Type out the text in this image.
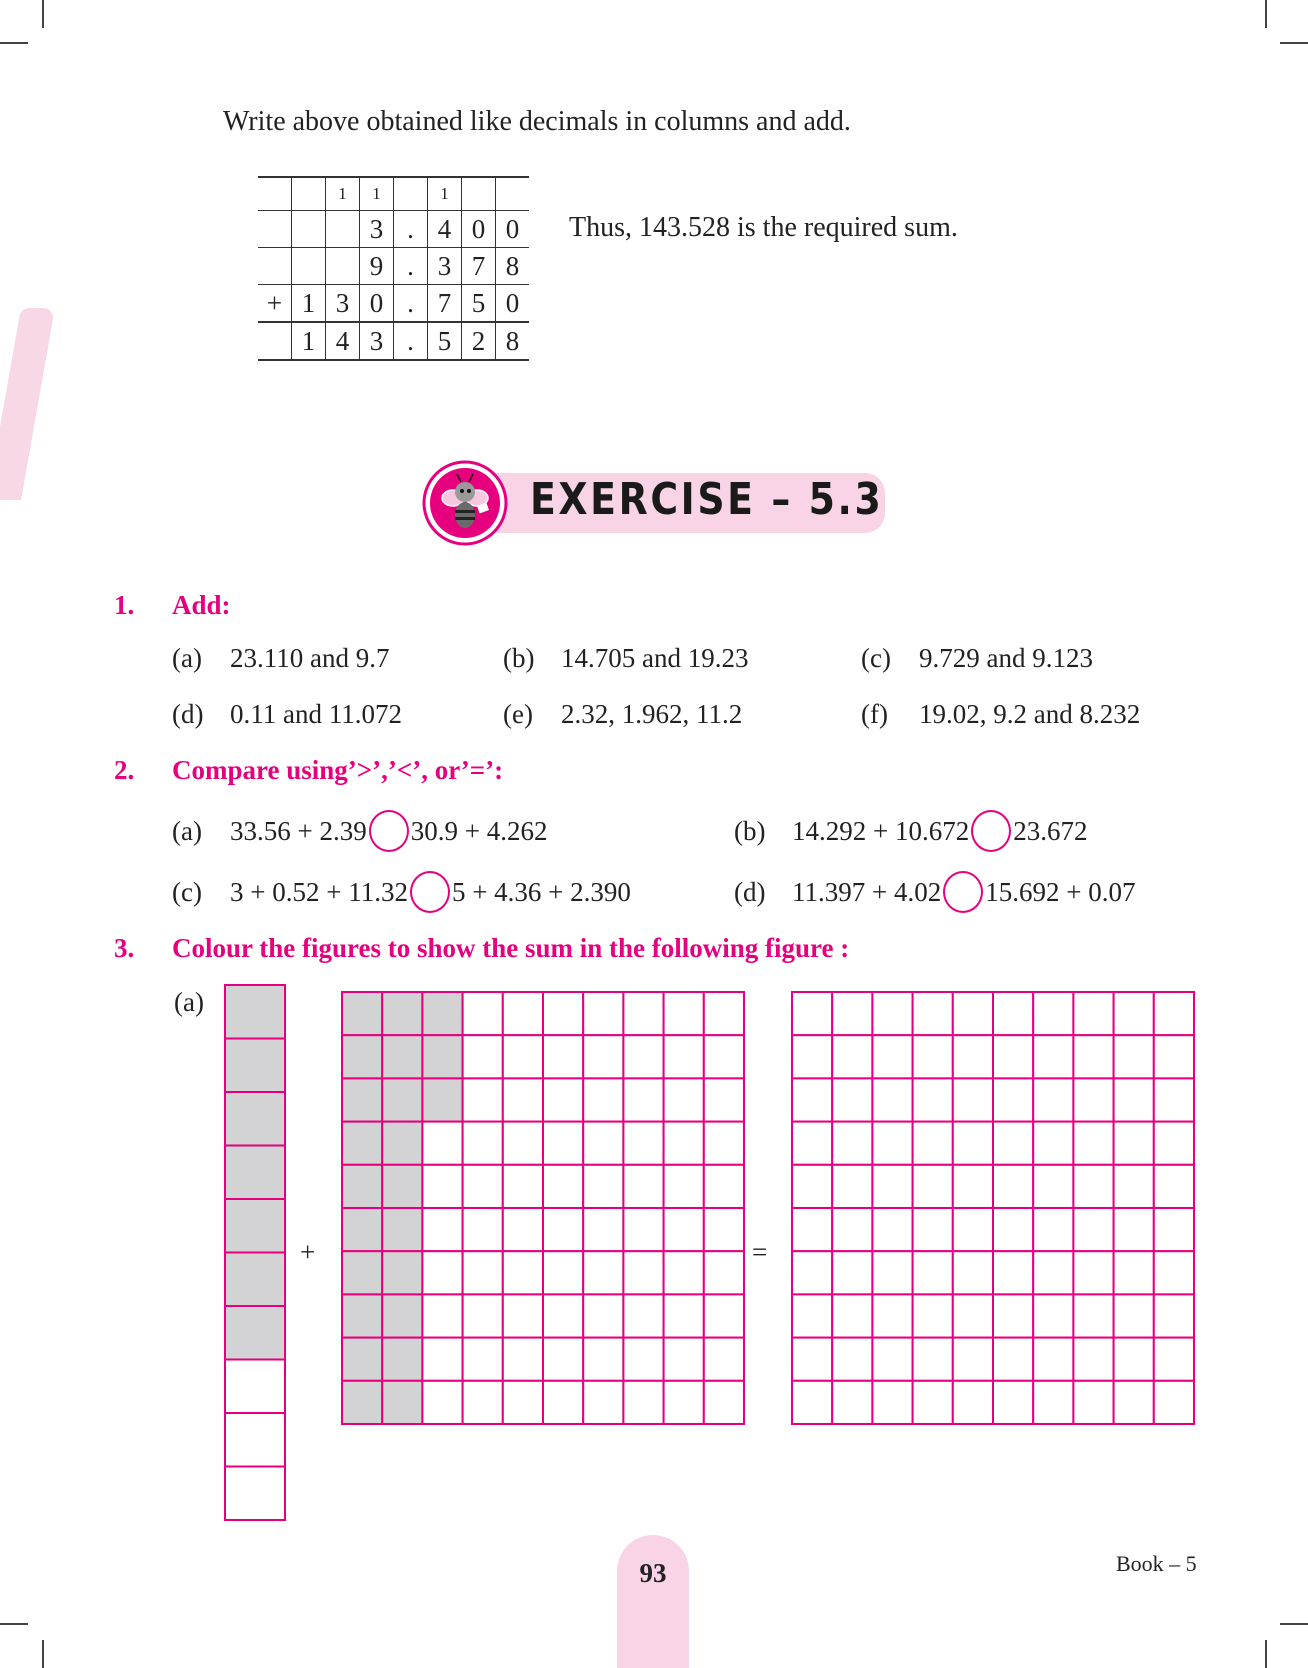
Write above obtained like decimals in columns and add.
		1	1		1		
			3	.	4	0	0
			9	.	3	7	8
+	1	3	0	.	7	5	0
	1	4	3	.	5	2	8
Thus, 143.528 is the required sum.
EXERCISE – 5.3
1. Add:
(a) 23.110 and 9.7	(b) 14.705 and 19.23	(c) 9.729 and 9.123
(d) 0.11 and 11.072	(e) 2.32, 1.962, 11.2	(f) 19.02, 9.2 and 8.232
2. Compare using’>’,’<’, or’=’:
(a)	33.56 + 2.39 30.9 + 4.262	(b) 14.292 + 10.672 23.672
(c)	3 + 0.52 + 11.32 5 + 4.36 + 2.390	(d) 11.397 + 4.02 15.692 + 0.07
3. Colour the figures to show the sum in the following figure :
(a)
+	=
93	Book – 5
